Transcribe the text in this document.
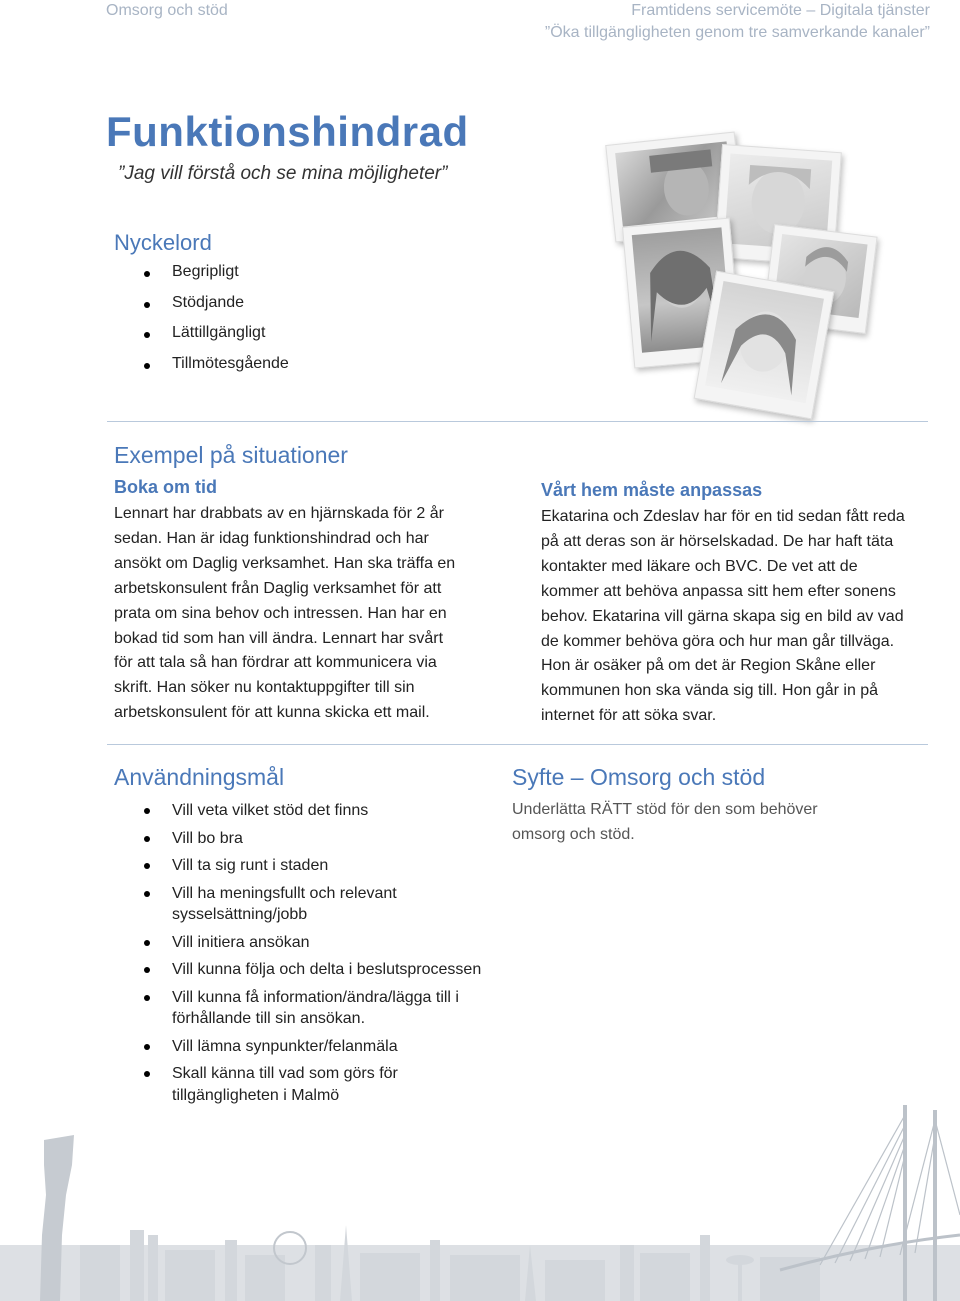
Omsorg och stöd	Framtidens servicemöte – Digitala tjänster
”Öka tillgängligheten genom tre samverkande kanaler”
Funktionshindrad
”Jag vill förstå och se mina möjligheter”
Nyckelord
Begripligt
Stödjande
Lättillgängligt
Tillmötesgående
Exempel på situationer
Boka om tid
Lennart har drabbats av en hjärnskada för 2 år
sedan. Han är idag funktionshindrad och har
ansökt om Daglig verksamhet. Han ska träffa en
arbetskonsulent från Daglig verksamhet för att
prata om sina behov och intressen. Han har en
bokad tid som han vill ändra. Lennart har svårt
för att tala så han fördrar att kommunicera via
skrift. Han söker nu kontaktuppgifter till sin
arbetskonsulent för att kunna skicka ett mail.
Vårt hem måste anpassas
Ekatarina och Zdeslav har för en tid sedan fått reda
på att deras son är hörselskadad. De har haft täta
kontakter med läkare och BVC. De vet att de
kommer att behöva anpassa sitt hem efter sonens
behov. Ekatarina vill gärna skapa sig en bild av vad
de kommer behöva göra och hur man går tillväga.
Hon är osäker på om det är Region Skåne eller
kommunen hon ska vända sig till. Hon går in på
internet för att söka svar.
Användningsmål
Vill veta vilket stöd det finns
Vill bo bra
Vill ta sig runt i staden
Vill ha meningsfullt och relevant sysselsättning/jobb
Vill initiera ansökan
Vill kunna följa och delta i beslutsprocessen
Vill kunna få information/ändra/lägga till i förhållande till sin ansökan.
Vill lämna synpunkter/felanmäla
Skall känna till vad som görs för tillgängligheten i Malmö
Syfte – Omsorg och stöd
Underlätta RÄTT stöd för den som behöver
omsorg och stöd.
